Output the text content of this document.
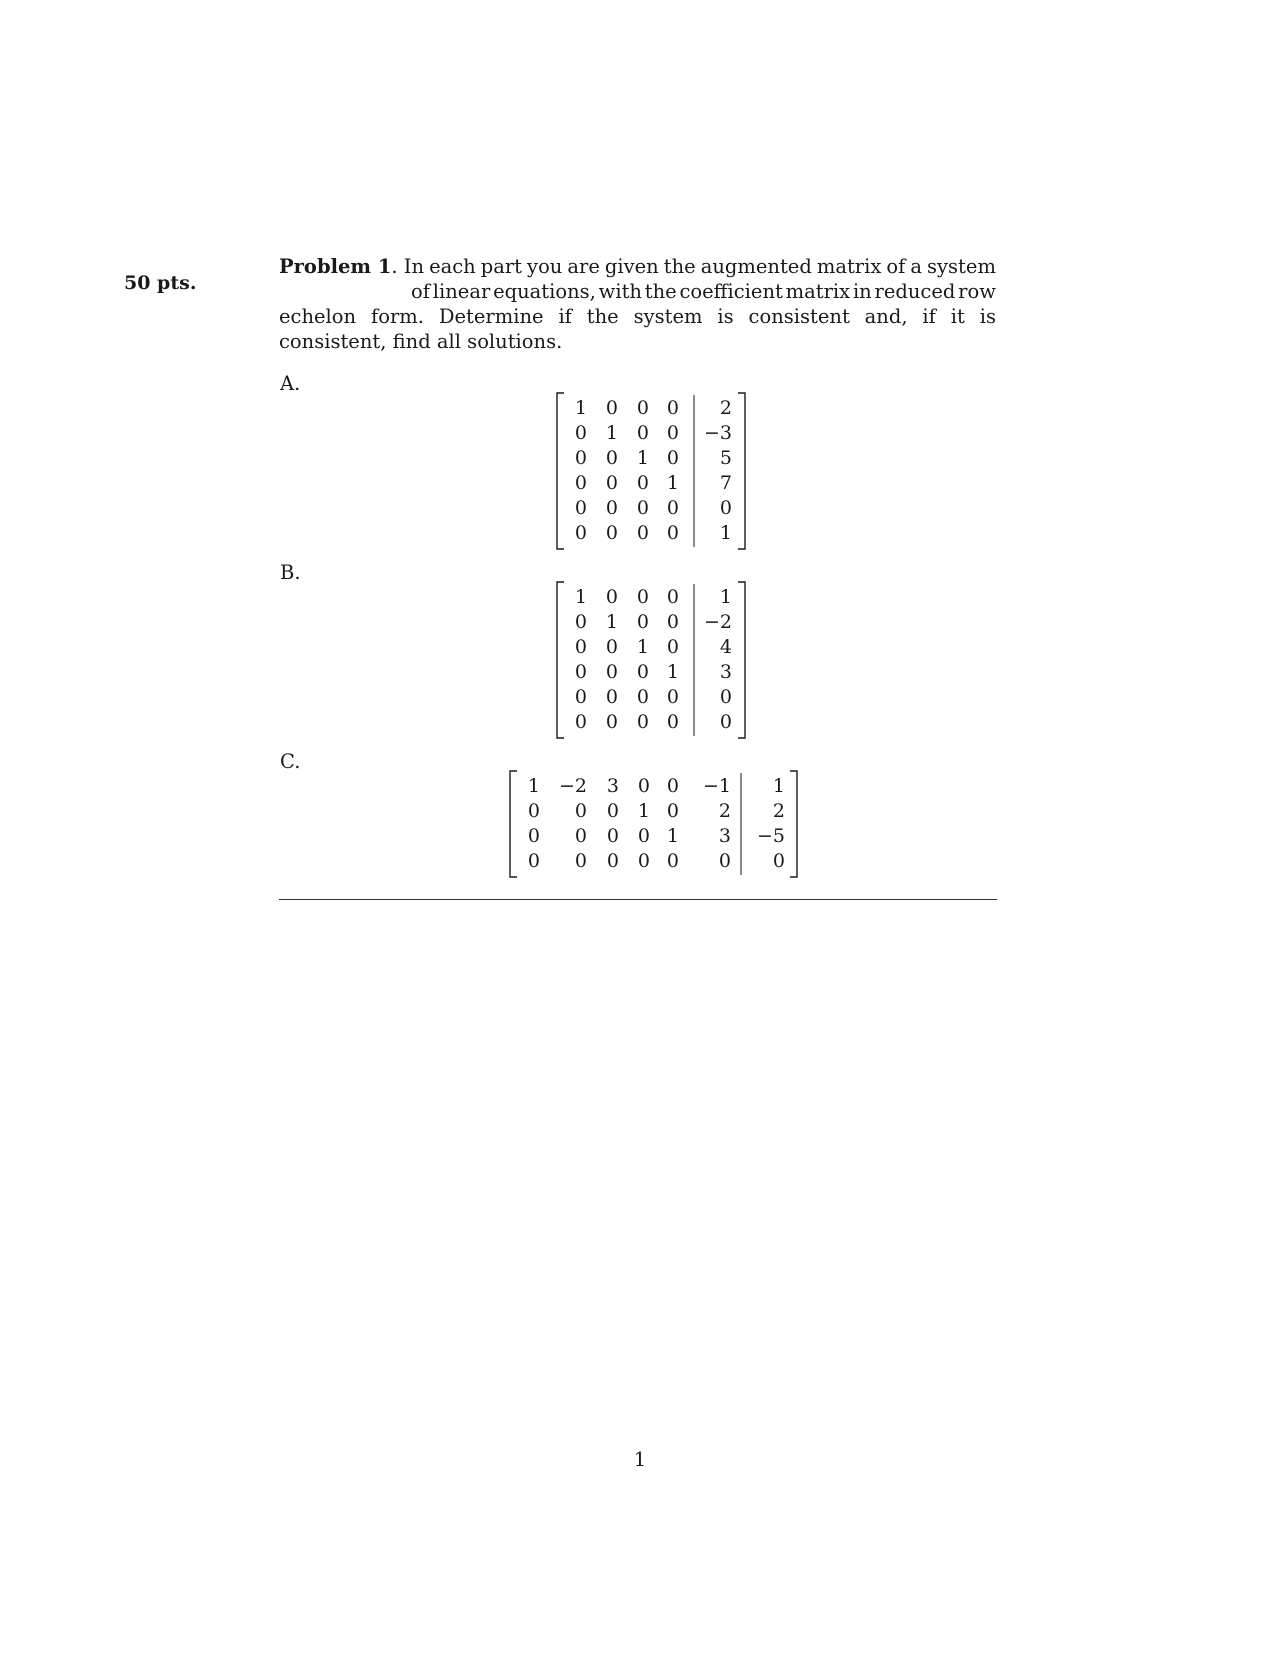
50 pts.
Problem 1. In each part you are given the augmented matrix of a system
of linear equations, with the coefficient matrix in reduced row
echelon form. Determine if the system is consistent and, if it is consistent, find all solutions.
A.
1 0 0 0 2
0 1 0 0 −3
0 0 1 0 5
0 0 0 1 7
0 0 0 0 0
0 0 0 0 1
B.
1 0 0 0 1
0 1 0 0 −2
0 0 1 0 4
0 0 0 1 3
0 0 0 0 0
0 0 0 0 0
C.
1 −2 3 0 0 −1 1
0 0 0 1 0 2 2
0 0 0 0 1 3 −5
0 0 0 0 0 0 0
1
